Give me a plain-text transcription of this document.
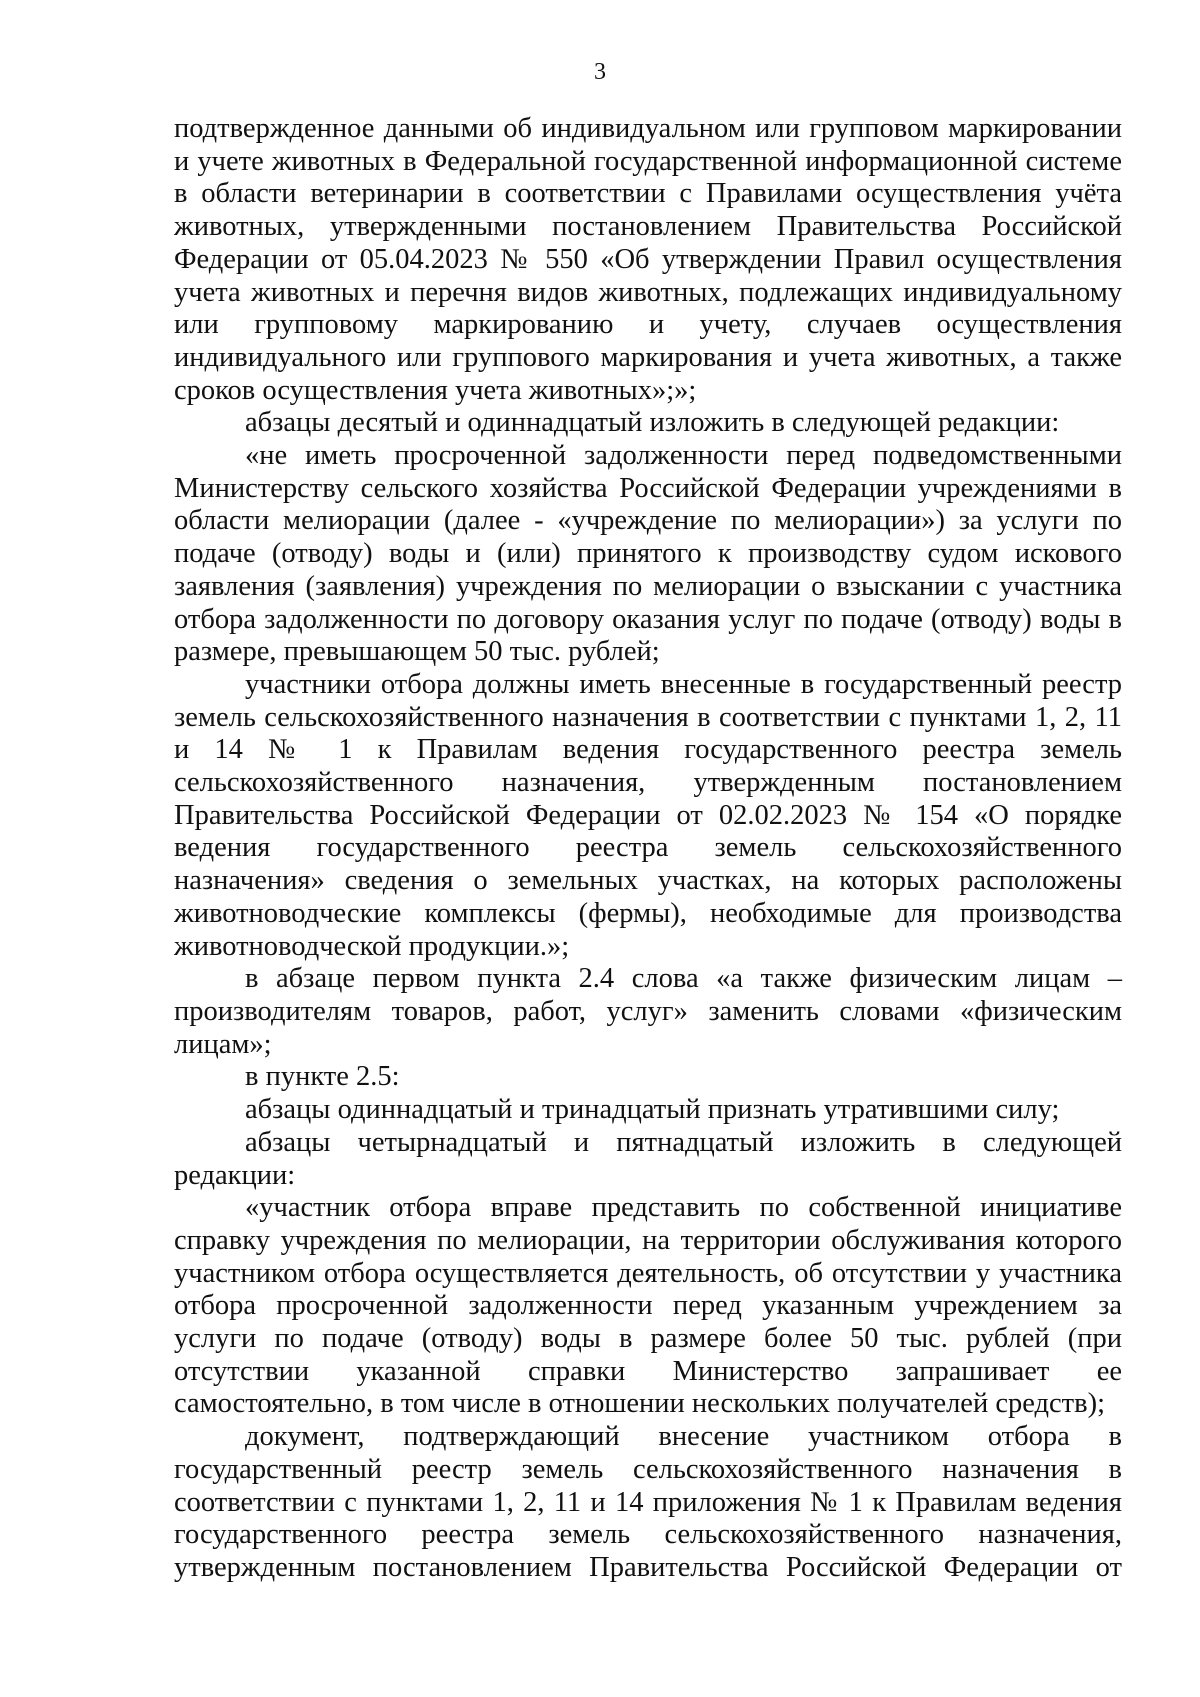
3

подтвержденное данными об индивидуальном или групповом маркировании и учете животных в Федеральной государственной информационной системе в области ветеринарии в соответствии с Правилами осуществления учёта животных, утвержденными постановлением Правительства Российской Федерации от 05.04.2023 № 550 «Об утверждении Правил осуществления учета животных и перечня видов животных, подлежащих индивидуальному или групповому маркированию и учету, случаев осуществления индивидуального или группового маркирования и учета животных, а также сроков осуществления учета животных»;»;

абзацы десятый и одиннадцатый изложить в следующей редакции:

«не иметь просроченной задолженности перед подведомственными Министерству сельского хозяйства Российской Федерации учреждениями в области мелиорации (далее - «учреждение по мелиорации») за услуги по подаче (отводу) воды и (или) принятого к производству судом искового заявления (заявления) учреждения по мелиорации о взыскании с участника отбора задолженности по договору оказания услуг по подаче (отводу) воды в размере, превышающем 50 тыс. рублей;

участники отбора должны иметь внесенные в государственный реестр земель сельскохозяйственного назначения в соответствии с пунктами 1, 2, 11 и 14 № 1 к Правилам ведения государственного реестра земель сельскохозяйственного назначения, утвержденным постановлением Правительства Российской Федерации от 02.02.2023 № 154 «О порядке ведения государственного реестра земель сельскохозяйственного назначения» сведения о земельных участках, на которых расположены животноводческие комплексы (фермы), необходимые для производства животноводческой продукции.»;

в абзаце первом пункта 2.4 слова «а также физическим лицам – производителям товаров, работ, услуг» заменить словами «физическим лицам»;

в пункте 2.5:

абзацы одиннадцатый и тринадцатый признать утратившими силу;

абзацы четырнадцатый и пятнадцатый изложить в следующей редакции:

«участник отбора вправе представить по собственной инициативе справку учреждения по мелиорации, на территории обслуживания которого участником отбора осуществляется деятельность, об отсутствии у участника отбора просроченной задолженности перед указанным учреждением за услуги по подаче (отводу) воды в размере более 50 тыс. рублей (при отсутствии указанной справки Министерство запрашивает ее самостоятельно, в том числе в отношении нескольких получателей средств);

документ, подтверждающий внесение участником отбора в государственный реестр земель сельскохозяйственного назначения в соответствии с пунктами 1, 2, 11 и 14 приложения № 1 к Правилам ведения государственного реестра земель сельскохозяйственного назначения, утвержденным постановлением Правительства Российской Федерации от
